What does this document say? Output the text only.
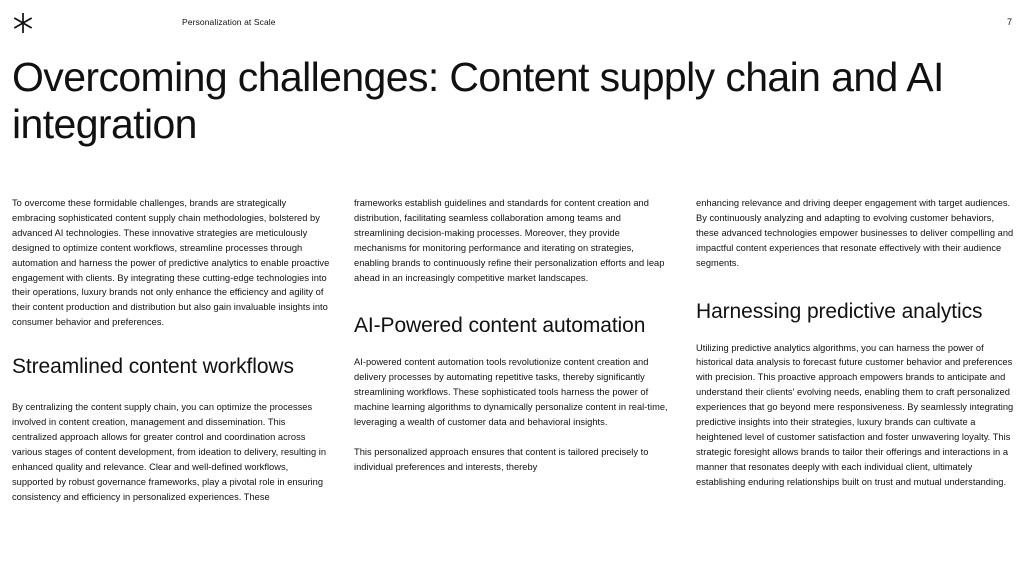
Personalization at Scale	7
Overcoming challenges: Content supply chain and AI integration

To overcome these formidable challenges, brands are strategically embracing sophisticated content supply chain methodologies, bolstered by advanced AI technologies. These innovative strategies are meticulously designed to optimize content workflows, streamline processes through automation and harness the power of predictive analytics to enable proactive engagement with clients. By integrating these cutting-edge technologies into their operations, luxury brands not only enhance the efficiency and agility of their content production and distribution but also gain invaluable insights into consumer behavior and preferences.

Streamlined content workflows

By centralizing the content supply chain, you can optimize the processes involved in content creation, management and dissemination. This centralized approach allows for greater control and coordination across various stages of content development, from ideation to delivery, resulting in enhanced quality and relevance. Clear and well-defined workflows, supported by robust governance frameworks, play a pivotal role in ensuring consistency and efficiency in personalized experiences. These

frameworks establish guidelines and standards for content creation and distribution, facilitating seamless collaboration among teams and streamlining decision-making processes. Moreover, they provide mechanisms for monitoring performance and iterating on strategies, enabling brands to continuously refine their personalization efforts and leap ahead in an increasingly competitive market landscapes.

AI-Powered content automation

AI-powered content automation tools revolutionize content creation and delivery processes by automating repetitive tasks, thereby significantly streamlining workflows. These sophisticated tools harness the power of machine learning algorithms to dynamically personalize content in real-time, leveraging a wealth of customer data and behavioral insights.

This personalized approach ensures that content is tailored precisely to individual preferences and interests, thereby

enhancing relevance and driving deeper engagement with target audiences. By continuously analyzing and adapting to evolving customer behaviors, these advanced technologies empower businesses to deliver compelling and impactful content experiences that resonate effectively with their audience segments.

Harnessing predictive analytics

Utilizing predictive analytics algorithms, you can harness the power of historical data analysis to forecast future customer behavior and preferences with precision. This proactive approach empowers brands to anticipate and understand their clients' evolving needs, enabling them to craft personalized experiences that go beyond mere responsiveness. By seamlessly integrating predictive insights into their strategies, luxury brands can cultivate a heightened level of customer satisfaction and foster unwavering loyalty. This strategic foresight allows brands to tailor their offerings and interactions in a manner that resonates deeply with each individual client, ultimately establishing enduring relationships built on trust and mutual understanding.
